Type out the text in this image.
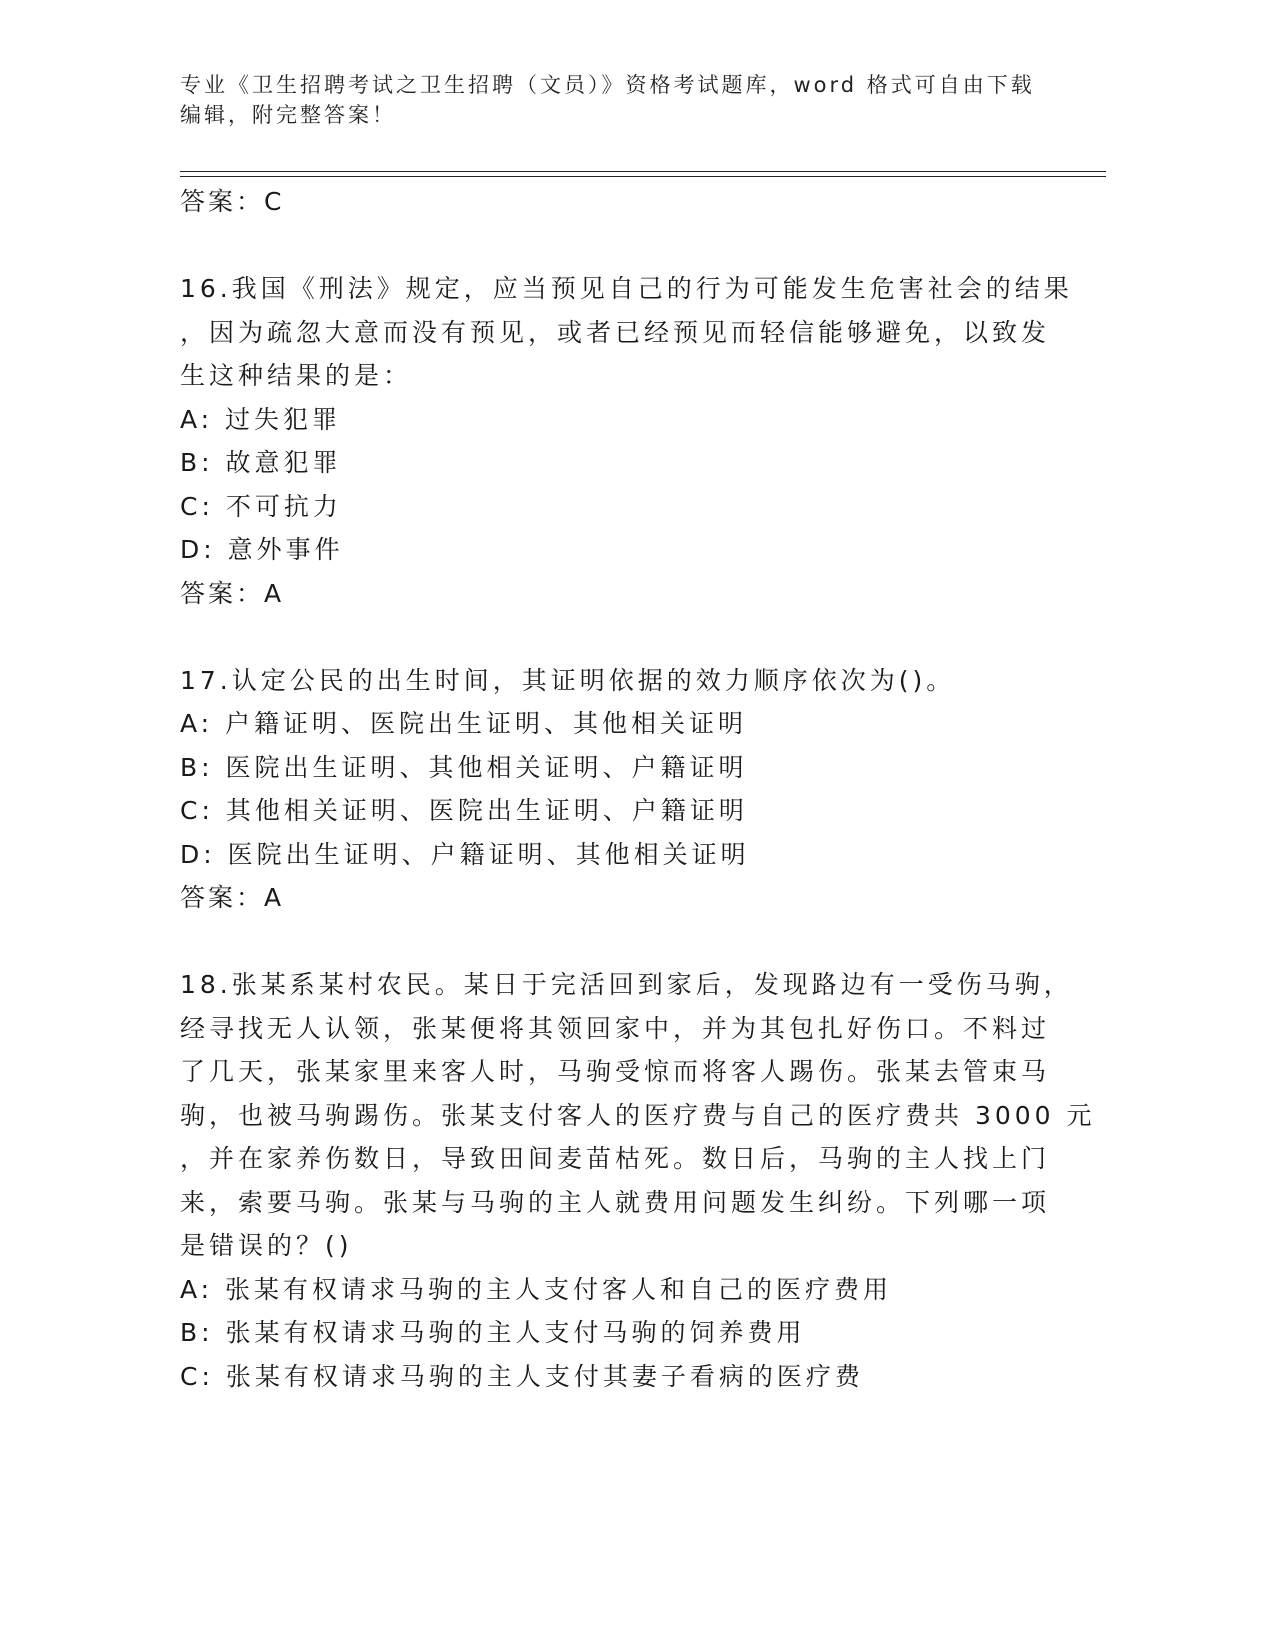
专业《卫生招聘考试之卫生招聘（文员）》资格考试题库，word 格式可自由下载
编辑，附完整答案！
答案：C
16.我国《刑法》规定，应当预见自己的行为可能发生危害社会的结果
，因为疏忽大意而没有预见，或者已经预见而轻信能够避免，以致发
生这种结果的是：
A: 过失犯罪
B: 故意犯罪
C: 不可抗力
D: 意外事件
答案：A
17.认定公民的出生时间，其证明依据的效力顺序依次为()。
A: 户籍证明、医院出生证明、其他相关证明
B: 医院出生证明、其他相关证明、户籍证明
C: 其他相关证明、医院出生证明、户籍证明
D: 医院出生证明、户籍证明、其他相关证明
答案：A
18.张某系某村农民。某日于完活回到家后，发现路边有一受伤马驹，
经寻找无人认领，张某便将其领回家中，并为其包扎好伤口。不料过
了几天，张某家里来客人时，马驹受惊而将客人踢伤。张某去管束马
驹，也被马驹踢伤。张某支付客人的医疗费与自己的医疗费共 3000 元
，并在家养伤数日，导致田间麦苗枯死。数日后，马驹的主人找上门
来，索要马驹。张某与马驹的主人就费用问题发生纠纷。下列哪一项
是错误的？()
A: 张某有权请求马驹的主人支付客人和自己的医疗费用
B: 张某有权请求马驹的主人支付马驹的饲养费用
C: 张某有权请求马驹的主人支付其妻子看病的医疗费
